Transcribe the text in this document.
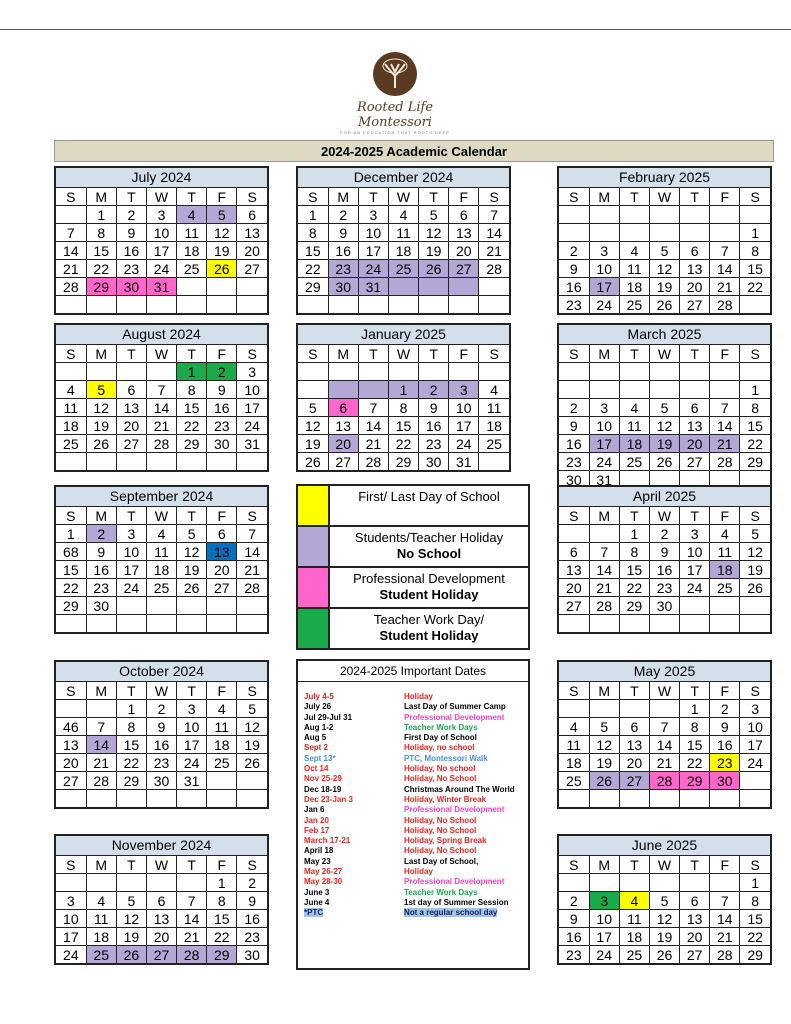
Rooted Life Montessori
FOR AN EDUCATION THAT ROOTS DEEP
2024-2025 Academic Calendar
July 2024
S	M	T	W	T	F	S
	1	2	3	4	5	6
7	8	9	10	11	12	13
14	15	16	17	18	19	20
21	22	23	24	25	26	27
28	29	30	31			

December 2024
S	M	T	W	T	F	S
1	2	3	4	5	6	7
8	9	10	11	12	13	14
15	16	17	18	19	20	21
22	23	24	25	26	27	28
29	30	31				

February 2025
S	M	T	W	T	F	S

						1
2	3	4	5	6	7	8
9	10	11	12	13	14	15
16	17	18	19	20	21	22
23	24	25	26	27	28	
August 2024
S	M	T	W	T	F	S
				1	2	3
4	5	6	7	8	9	10
11	12	13	14	15	16	17
18	19	20	21	22	23	24
25	26	27	28	29	30	31

January 2025
S	M	T	W	T	F	S

			1	2	3	4
5	6	7	8	9	10	11
12	13	14	15	16	17	18
19	20	21	22	23	24	25
26	27	28	29	30	31	
March 2025
S	M	T	W	T	F	S

						1
2	3	4	5	6	7	8
9	10	11	12	13	14	15
16	17	18	19	20	21	22
23	24	25	26	27	28	29
30	31					
September 2024
S	M	T	W	T	F	S
1	2	3	4	5	6	7
68	9	10	11	12	13	14
15	16	17	18	19	20	21
22	23	24	25	26	27	28
29	30					

April 2025
S	M	T	W	T	F	S
		1	2	3	4	5
6	7	8	9	10	11	12
13	14	15	16	17	18	19
20	21	22	23	24	25	26
27	28	29	30			

October 2024
S	M	T	W	T	F	S
		1	2	3	4	5
46	7	8	9	10	11	12
13	14	15	16	17	18	19
20	21	22	23	24	25	26
27	28	29	30	31		

May 2025
S	M	T	W	T	F	S
				1	2	3
4	5	6	7	8	9	10
11	12	13	14	15	16	17
18	19	20	21	22	23	24
25	26	27	28	29	30	

November 2024
S	M	T	W	T	F	S
					1	2
3	4	5	6	7	8	9
10	11	12	13	14	15	16
17	18	19	20	21	22	23
24	25	26	27	28	29	30
June 2025
S	M	T	W	T	F	S
						1
2	3	4	5	6	7	8
9	10	11	12	13	14	15
16	17	18	19	20	21	22
23	24	25	26	27	28	29
First/ Last Day of School
Students/Teacher Holiday
No School
Professional Development
Student Holiday
Teacher Work Day/
Student Holiday
2024-2025 Important Dates
July 4-5	Holiday
July 26	Last Day of Summer Camp
Jul 29-Jul 31	Professional Development
Aug 1-2	Teacher Work Days
Aug 5	First Day of School
Sept 2	Holiday, no school
Sept 13*	PTC, Montessori Walk
Oct 14	Holiday, No school
Nov 25-29	Holiday, No School
Dec 18-19	Christmas Around The World
Dec 23-Jan 3	Holiday, Winter Break
Jan 6	Professional Development
Jan 20	Holiday, No School
Feb 17	Holiday, No School
March 17-21	Holiday, Spring Break
April 18	Holiday, No School
May 23	Last Day of School,
May 26-27	Holiday
May 28-30	Professional Development
June 3	Teacher Work Days
June 4	1st day of Summer Session
*PTC	Not a regular school day
